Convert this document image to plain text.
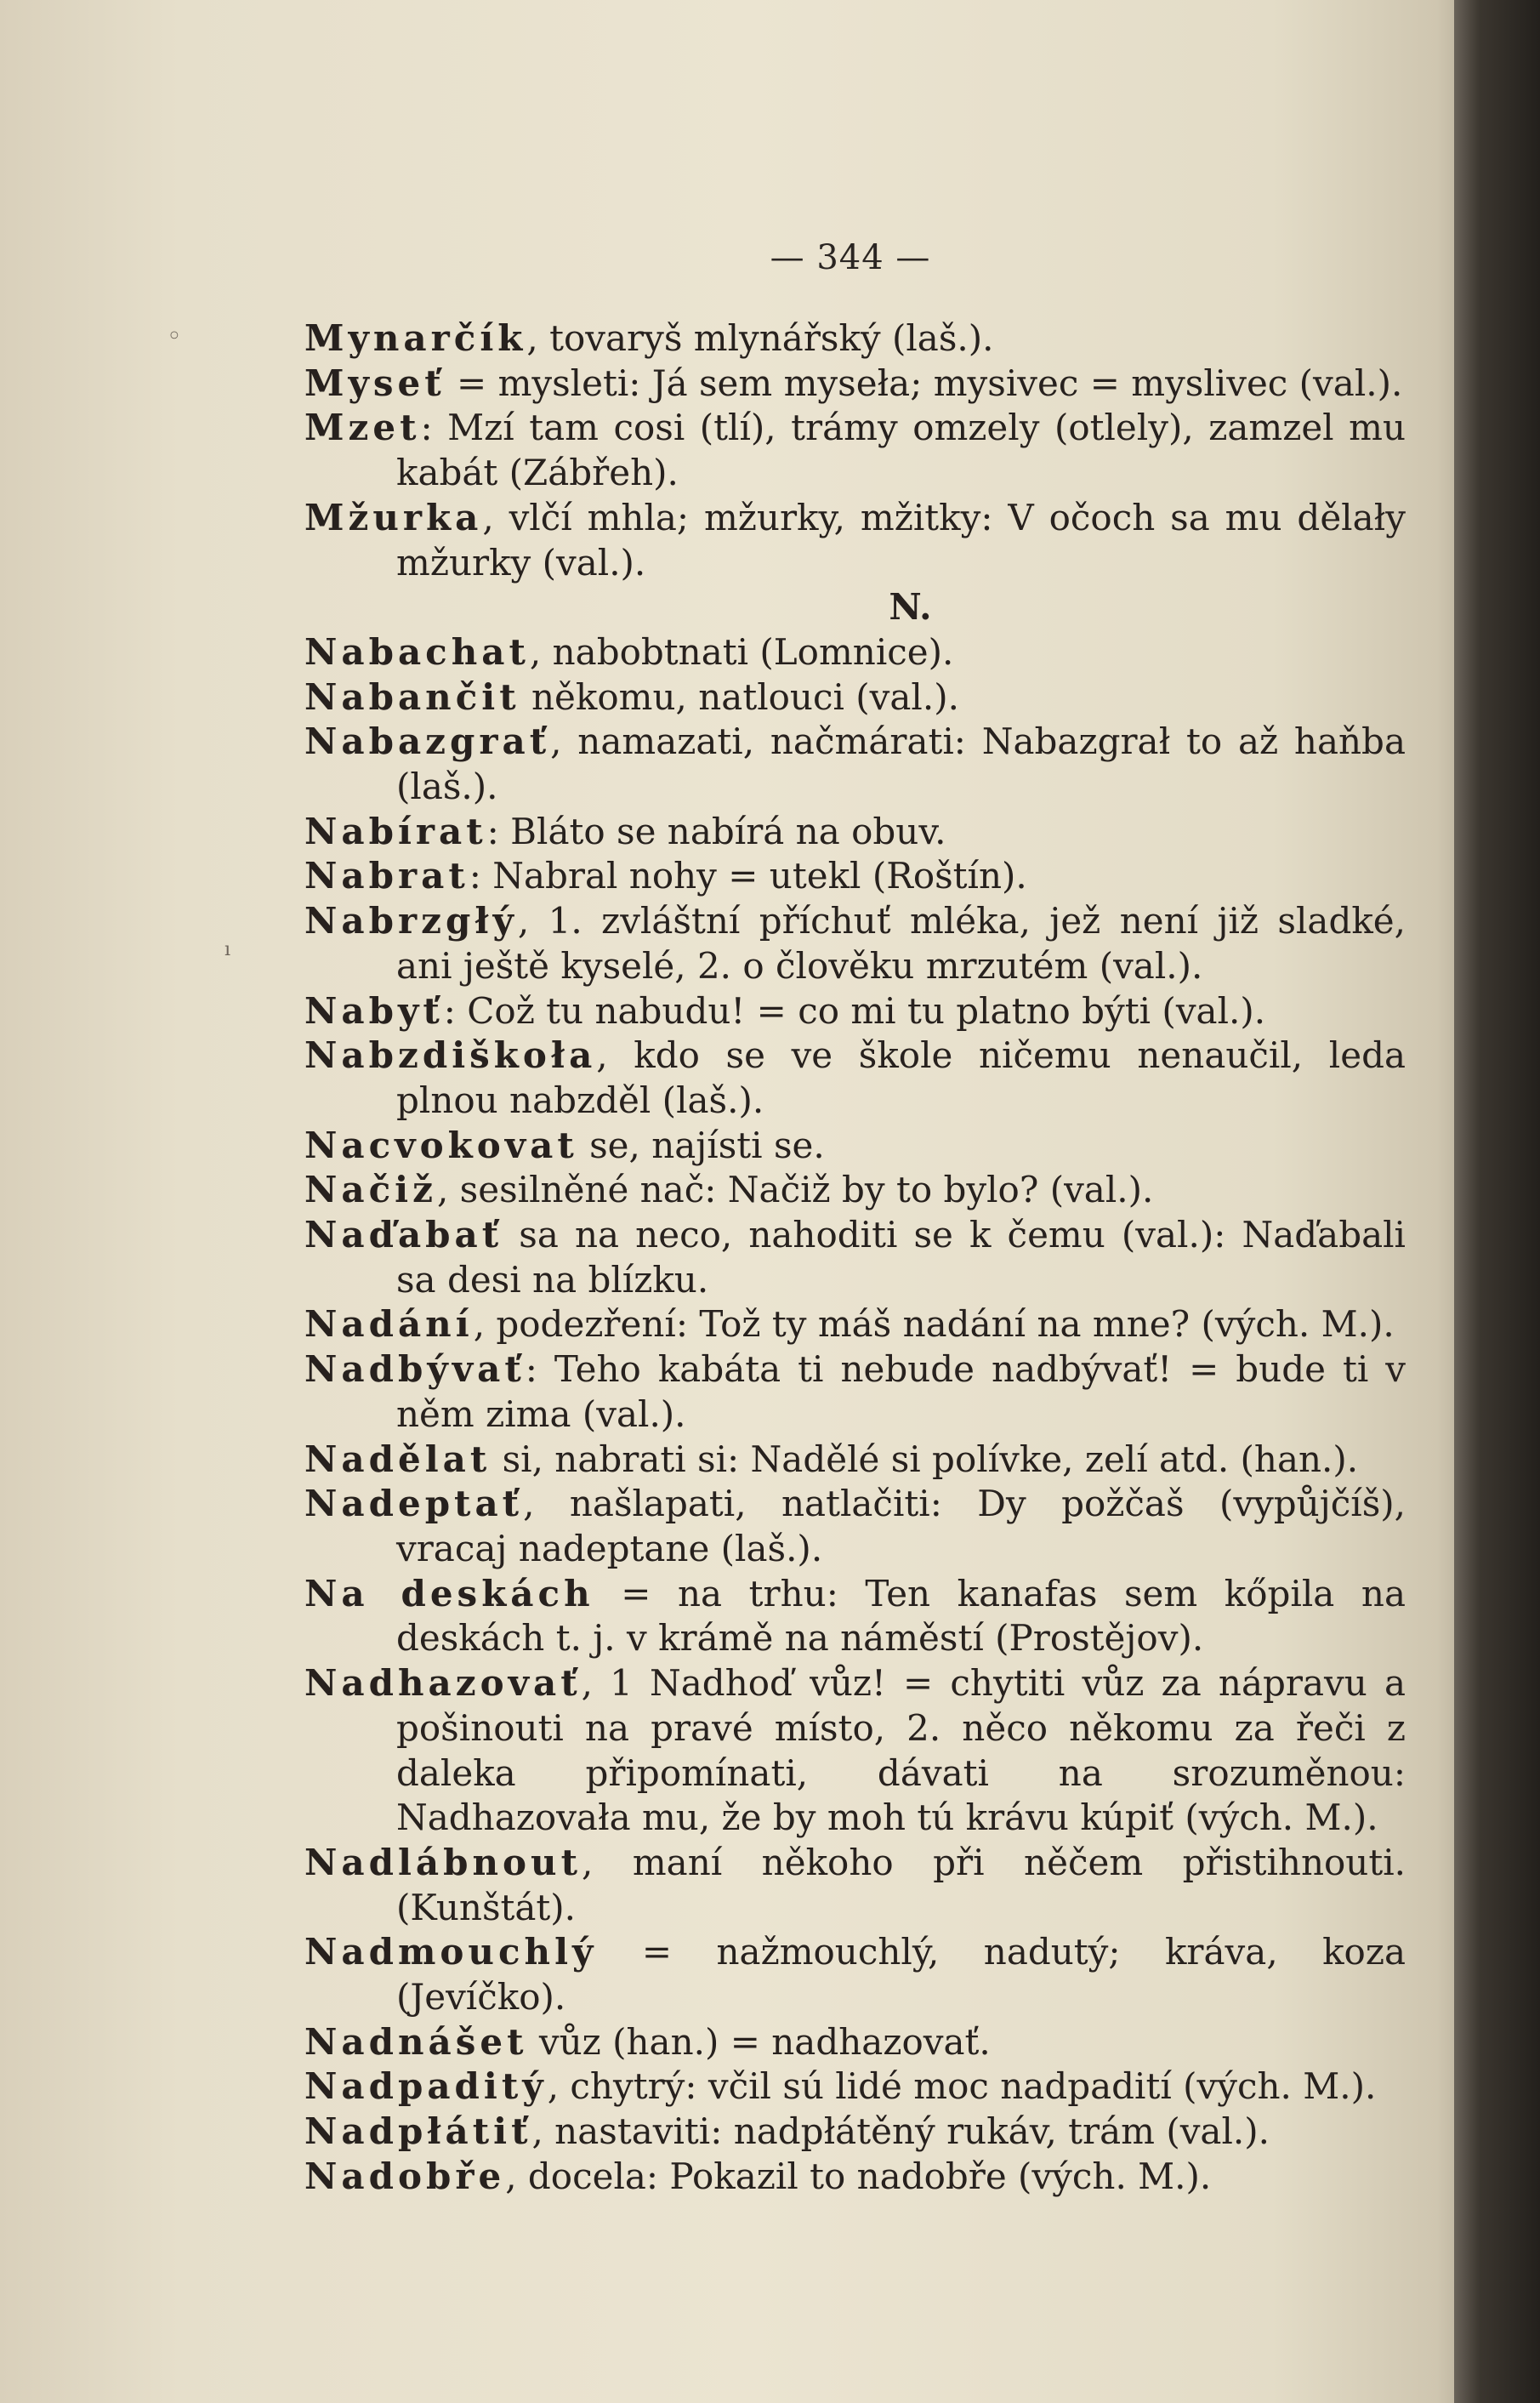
— 344 —
◦
ı

Mynarčík, tovaryš mlynářský (laš.).

Myseť = mysleti: Já sem myseła; mysivec = myslivec (val.).

Mzet: Mzí tam cosi (tlí), trámy omzely (otlely), zamzel mu kabát (Zábřeh).

Mžurka, vlčí mhla; mžurky, mžitky: V očoch sa mu dělały mžurky (val.).

N.

Nabachat, nabobtnati (Lomnice).

Nabančit někomu, natlouci (val.).

Nabazgrať, namazati, načmárati: Nabazgrał to až haňba (laš.).

Nabírat: Bláto se nabírá na obuv.

Nabrat: Nabral nohy = utekl (Roštín).

Nabrzgłý, 1. zvláštní příchuť mléka, jež není již sladké, ani ještě kyselé, 2. o člověku mrzutém (val.).

Nabyť: Což tu nabudu! = co mi tu platno býti (val.).

Nabzdiškoła, kdo se ve škole ničemu nenaučil, leda plnou nabzděl (laš.).

Nacvokovat se, najísti se.

Načiž, sesilněné nač: Načiž by to bylo? (val.).

Naďabať sa na neco, nahoditi se k čemu (val.): Naďabali sa desi na blízku.

Nadání, podezření: Tož ty máš nadání na mne? (vých. M.).

Nadbývať: Teho kabáta ti nebude nadbývať! = bude ti v něm zima (val.).

Nadělat si, nabrati si: Nadělé si polívke, zelí atd. (han.).

Nadeptať, našlapati, natlačiti: Dy požčaš (vypůjčíš), vracaj nadeptane (laš.).

Na deskách = na trhu: Ten kanafas sem kőpila na deskách t. j. v krámě na náměstí (Prostějov).

Nadhazovať, 1 Nadhoď vůz! = chytiti vůz za nápravu a pošinouti na pravé místo, 2. něco někomu za řeči z daleka připomínati, dávati na srozuměnou: Nadhazovała mu, že by moh tú krávu kúpiť (vých. M.).

Nadlábnout, maní někoho při něčem přistihnouti. (Kunštát).

Nadmouchlý = nažmouchlý, nadutý; kráva, koza (Jevíčko).

Nadnášet vůz (han.) = nadhazovať.

Nadpaditý, chytrý: včil sú lidé moc nadpadití (vých. M.).

Nadpłátiť, nastaviti: nadpłátěný rukáv, trám (val.).

Nadobře, docela: Pokazil to nadobře (vých. M.).
